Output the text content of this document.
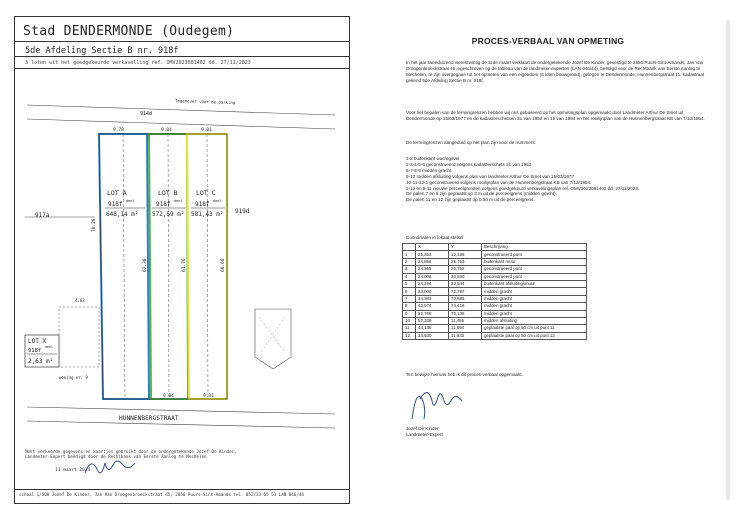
Stad DENDERMONDE (Oudegem)
5de Afdeling Sectie B nr. 918f
3 loten uit het goedgekeurde verkavelling ref. OMV2023081402 dd. 27/11/2023
Tegenover voor de parking
914d
917a
919d
9.78	9.04	9.01
70.28
62.30	61.76	60.68
LOT A
918f deel
648,14 m²
LOT B
918f deel
572,59 m²
LOT C
918f deel
581,43 m²
LOT X
918f
deel
2,63 m²
woning nr. 9
4.63
9.04	9.31
HUNNENBERGSTRAAT
Meet verkeerde gegevens en kaartjes gebruikt door de ondergetekende Jozef De Kinder, Landmeter-Expert beëdigd door de Rechtbank van Eerste Aanleg te Mechelen.
11 maart 2024
schaal 1/500 Jozef De Kinder, Jan Van Droogenbroeckstraat 45, 2850 Puurs-Sint-Amands tel. 052/33 65 53 LAN 046/44
PROCES-VERBAAL VAN OPMETING
In het jaar tweeduizend vierentwintig de 11de maart verklaart de ondergetekende Jozef De Kinder, gevestigd te 2850 Puurs-Sint-Amands, Jan Van Droogenbroeckstraat 45 ingeschreven op de tableau van de landmeter-experten (LAN 046/44), beëdigd voor de Rechtbank van Eerste Aanleg te Mechelen, te zijn overgegaan tot het opmeten van een eigendom (3 loten bouwgrond), gelegen te Dendermonde, Hunnenbergstraat 11, kadastraal gekend 5de Afdeling Sectie B nr. 918f.
Voor het bepalen van de terreingrenzen hebben wij ons gebaseerd op het opmetingsplan opgemaakt door Landmeter Arthur De Smet uit Dendermonde op 15/03/1977 en de kadasterschetsen 31 van 1952 en 15 van 1994 en het rooilijnplan van de Hunnenbergstraat KB van 7/12/1954.
De terreingrenzen aangeduid op het plan zijn voor de nummers:
1-2 buitenkant wachtgevel
2-3-4-5-6 geconstrueerd volgens kadasterschets 31 van 1952
6-7-8-9 midden gracht
9-10 midden afsluiting volgens plan van landmeter Arthur De Smet van 15/03/1977
10-11-12-1 geconstrueerd volgens rooilijnplan van de Hunnenbergstraat KB van 7/12/1954.
2-12 en 8-11 nieuwe perceelgrenzen volgens goedgekeurd verkavelingsplan ref. OMV2023081402 dd. 27/11/2023.
De palen 7 en 8 zijn geplaatst op 3 m uit de perceelgrens (midden gracht).
De palen 11 en 12 zijn geplaatst op 0.50 m uit de perceelgrens.
Coördinaten in lokaal stelsel
	X	Y	Beschrijving
1	25,353	12,186	geconstrueerd punt
2	24,856	25,753	buitenkant muur
3	24,365	25,762	geconstrueerd punt
4	24,008	33,530	geconstrueerd punt
5	24,194	33,544	buitenkant afsluitingsmuur
6	23,000	72,787	midden gracht
7	34,383	73,685	midden gracht
8	43,574	74,416	midden gracht
9	52,768	75,135	midden gracht
10	53,338	11,455	midden afsluiting
11	44,136	11,694	geplaatste paal op 50 cm uit punt 11
12	34,930	11,933	geplaatste paal op 50 cm uit punt 12
Ten bewijze hiervan heb ik dit proces-verbaal opgemaakt.
Jozef De Kinder
Landmeter-Expert
